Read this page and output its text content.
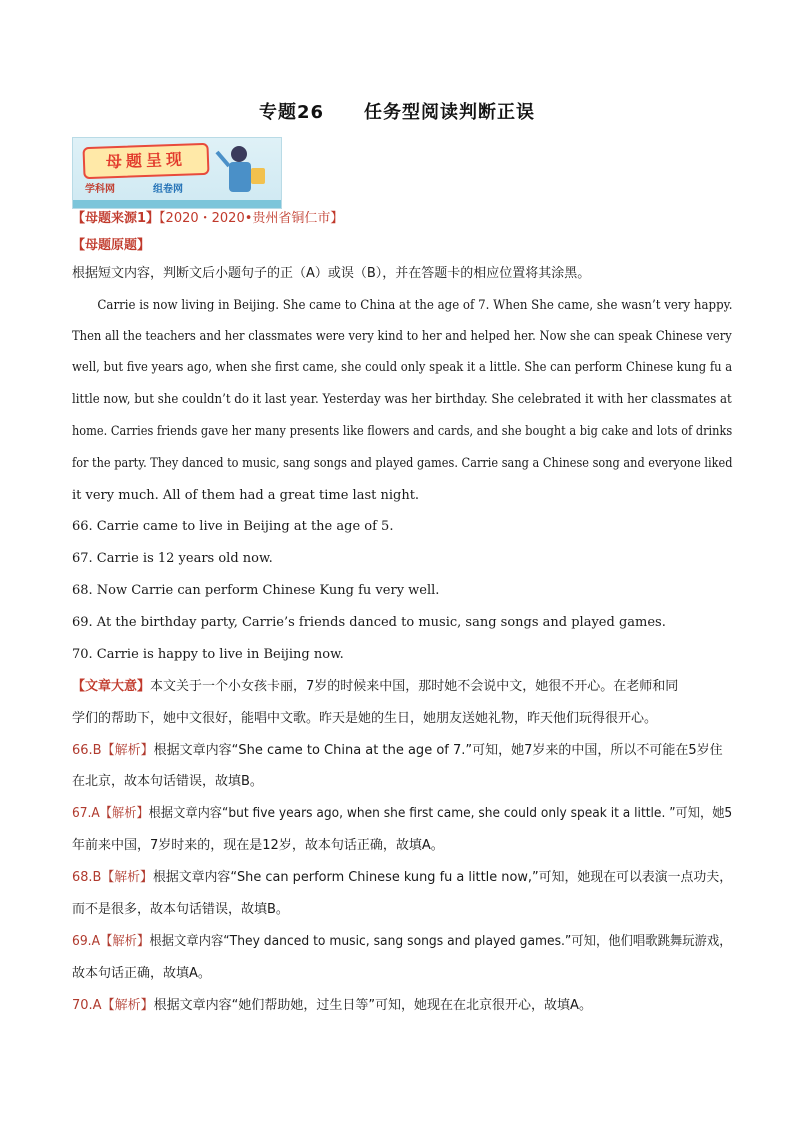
专题26 任务型阅读判断正误
母题呈现
学科网	组卷网
【母题来源1】【2020・2020•贵州省铜仁市】
【母题原题】
根据短文内容，判断文后小题句子的正（A）或误（B），并在答题卡的相应位置将其涂黑。
Carrie is now living in Beijing. She came to China at the age of 7. When She came, she wasn’t very happy.
Then all the teachers and her classmates were very kind to her and helped her. Now she can speak Chinese very
well, but five years ago, when she first came, she could only speak it a little. She can perform Chinese kung fu a
little now, but she couldn’t do it last year. Yesterday was her birthday. She celebrated it with her classmates at
home. Carries friends gave her many presents like flowers and cards, and she bought a big cake and lots of drinks
for the party. They danced to music, sang songs and played games. Carrie sang a Chinese song and everyone liked
it very much. All of them had a great time last night.
66. Carrie came to live in Beijing at the age of 5.
67. Carrie is 12 years old now.
68. Now Carrie can perform Chinese Kung fu very well.
69. At the birthday party, Carrie’s friends danced to music, sang songs and played games.
70. Carrie is happy to live in Beijing now.
【文章大意】本文关于一个小女孩卡丽，7岁的时候来中国，那时她不会说中文，她很不开心。在老师和同
学们的帮助下，她中文很好，能唱中文歌。昨天是她的生日，她朋友送她礼物，昨天他们玩得很开心。
66.B【解析】根据文章内容“She came to China at the age of 7.”可知，她7岁来的中国，所以不可能在5岁住
在北京，故本句话错误，故填B。
67.A【解析】根据文章内容“but five years ago, when she first came, she could only speak it a little. ”可知，她5
年前来中国，7岁时来的，现在是12岁，故本句话正确，故填A。
68.B【解析】根据文章内容“She can perform Chinese kung fu a little now,”可知，她现在可以表演一点功夫，
而不是很多，故本句话错误，故填B。
69.A【解析】根据文章内容“They danced to music, sang songs and played games.”可知，他们唱歌跳舞玩游戏，
故本句话正确，故填A。
70.A【解析】根据文章内容“她们帮助她，过生日等”可知，她现在在北京很开心，故填A。
